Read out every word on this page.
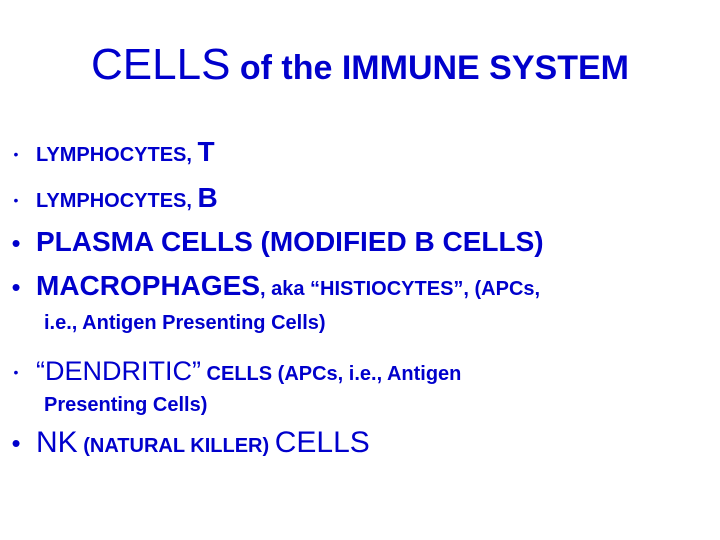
CELLS of the IMMUNE SYSTEM
• LYMPHOCYTES, T
• LYMPHOCYTES, B
• PLASMA CELLS (MODIFIED B CELLS)
• MACROPHAGES, aka “HISTIOCYTES”, (APCs,
i.e., Antigen Presenting Cells)
• “DENDRITIC” CELLS (APCs, i.e., Antigen
Presenting Cells)
• NK (NATURAL KILLER) CELLS
